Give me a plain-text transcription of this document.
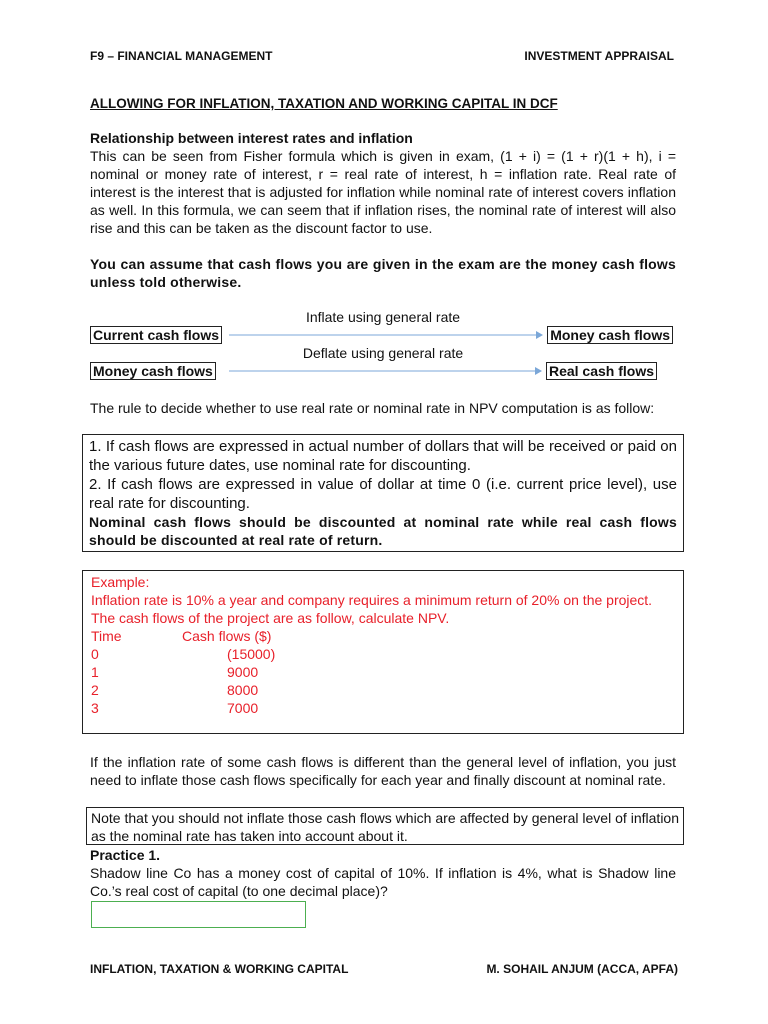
F9 – FINANCIAL MANAGEMENT	INVESTMENT APPRAISAL
ALLOWING FOR INFLATION, TAXATION AND WORKING CAPITAL IN DCF
Relationship between interest rates and inflation
This can be seen from Fisher formula which is given in exam, (1 + i) = (1 + r)(1 + h), i = nominal or money rate of interest, r = real rate of interest, h = inflation rate. Real rate of interest is the interest that is adjusted for inflation while nominal rate of interest covers inflation as well. In this formula, we can seem that if inflation rises, the nominal rate of interest will also rise and this can be taken as the discount factor to use.
You can assume that cash flows you are given in the exam are the money cash flows unless told otherwise.
Inflate using general rate
Current cash flows	Money cash flows
Deflate using general rate
Money cash flows	Real cash flows
The rule to decide whether to use real rate or nominal rate in NPV computation is as follow:
1. If cash flows are expressed in actual number of dollars that will be received or paid on the various future dates, use nominal rate for discounting.
2. If cash flows are expressed in value of dollar at time 0 (i.e. current price level), use real rate for discounting.
Nominal cash flows should be discounted at nominal rate while real cash flows should be discounted at real rate of return.
Example:
Inflation rate is 10% a year and company requires a minimum return of 20% on the project.
The cash flows of the project are as follow, calculate NPV.
Time	Cash flows ($)
0	(15000)
1	9000
2	8000
3	7000
If the inflation rate of some cash flows is different than the general level of inflation, you just need to inflate those cash flows specifically for each year and finally discount at nominal rate.
Note that you should not inflate those cash flows which are affected by general level of inflation as the nominal rate has taken into account about it.
Practice 1.
Shadow line Co has a money cost of capital of 10%. If inflation is 4%, what is Shadow line Co.’s real cost of capital (to one decimal place)?
INFLATION, TAXATION & WORKING CAPITAL	M. SOHAIL ANJUM (ACCA, APFA)
